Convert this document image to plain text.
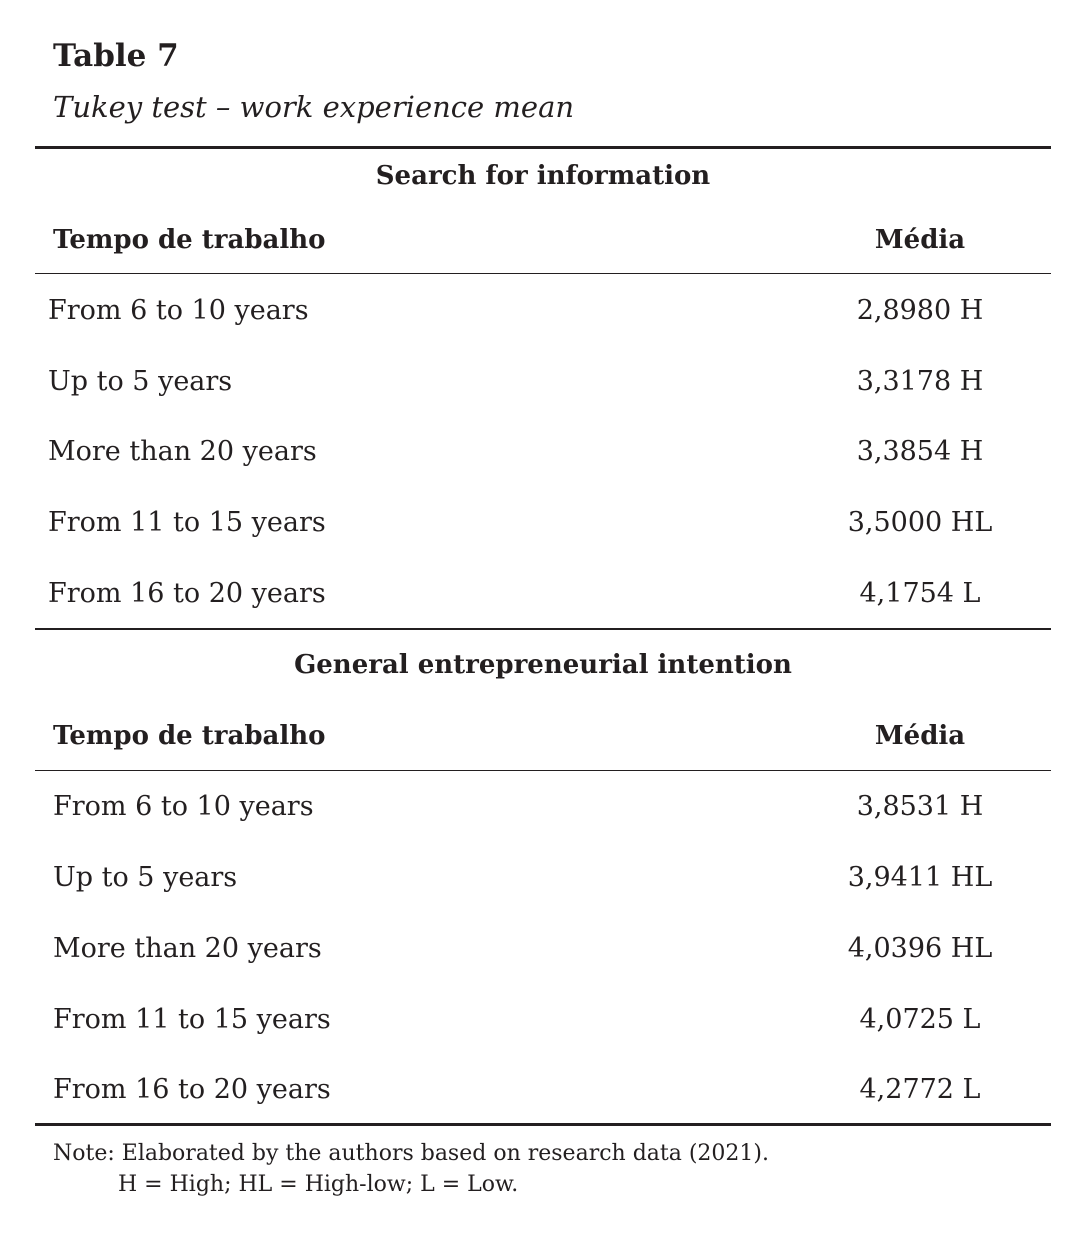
Table 7
Tukey test – work experience mean
Search for information
Tempo de trabalho	Média
From 6 to 10 years	2,8980 H
Up to 5 years	3,3178 H
More than 20 years	3,3854 H
From 11 to 15 years	3,5000 HL
From 16 to 20 years	4,1754 L
General entrepreneurial intention
Tempo de trabalho	Média
From 6 to 10 years	3,8531 H
Up to 5 years	3,9411 HL
More than 20 years	4,0396 HL
From 11 to 15 years	4,0725 L
From 16 to 20 years	4,2772 L
Note: Elaborated by the authors based on research data (2021).
H = High; HL = High-low; L = Low.
